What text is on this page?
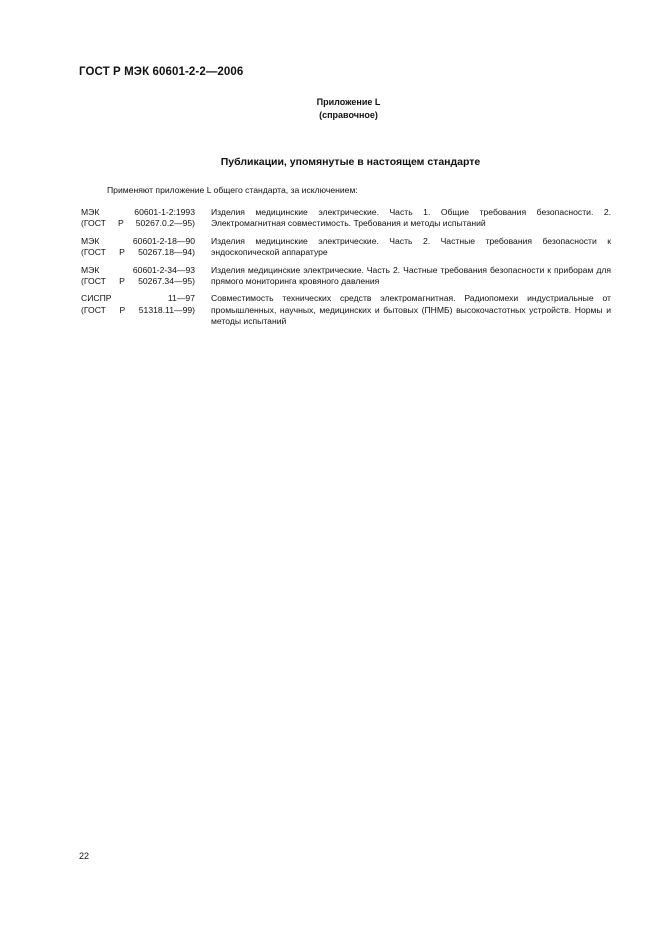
ГОСТ Р МЭК 60601-2-2—2006
Приложение L
(справочное)
Публикации, упомянутые в настоящем стандарте
Применяют приложение L общего стандарта, за исключением:
МЭК 60601-1-2:1993
(ГОСТ Р 50267.0.2—95)
Изделия медицинские электрические. Часть 1. Общие требования безопасности. 2. Электромагнитная совместимость. Требования и методы испытаний
МЭК 60601-2-18—90
(ГОСТ Р 50267.18—94)
Изделия медицинские электрические. Часть 2. Частные требования безопасности к эндоскопической аппаратуре
МЭК 60601-2-34—93
(ГОСТ Р 50267.34—95)
Изделия медицинские электрические. Часть 2. Частные требования безопасности к приборам для прямого мониторинга кровяного давления
СИСПР 11—97
(ГОСТ Р 51318.11—99)
Совместимость технических средств электромагнитная. Радиопомехи индустриальные от промышленных, научных, медицинских и бытовых (ПНМБ) высокочастотных устройств. Нормы и методы испытаний
22
